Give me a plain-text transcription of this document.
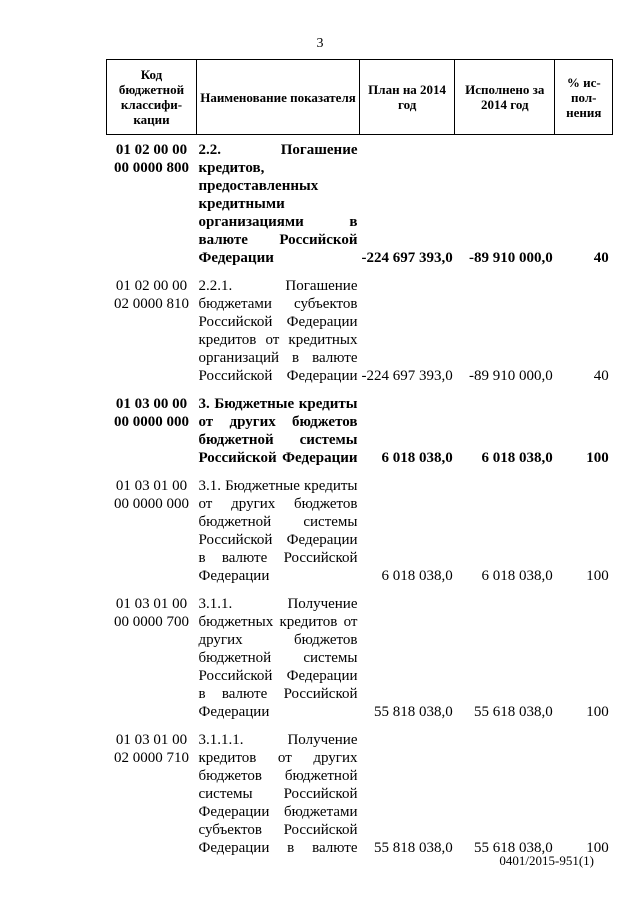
3
Код бюджетной классифи-кации	Наименование показателя	План на 2014 год	Исполнено за 2014 год	% ис-пол-нения
01 02 00 00 00 0000 800	2.2. Погашение кредитов, предоставленных кредитными организациями в валюте Российской Федерации	-224 697 393,0	-89 910 000,0	40
01 02 00 00 02 0000 810	2.2.1. Погашение бюджетами субъектов Российской Федерации кредитов от кредитных организаций в валюте Российской Федерации	-224 697 393,0	-89 910 000,0	40
01 03 00 00 00 0000 000	3. Бюджетные кредиты от других бюджетов бюджетной системы Российской Федерации	6 018 038,0	6 018 038,0	100
01 03 01 00 00 0000 000	3.1. Бюджетные кредиты от других бюджетов бюджетной системы Российской Федерации в валюте Российской Федерации	6 018 038,0	6 018 038,0	100
01 03 01 00 00 0000 700	3.1.1. Получение бюджетных кредитов от других бюджетов бюджетной системы Российской Федерации в валюте Российской Федерации	55 818 038,0	55 618 038,0	100
01 03 01 00 02 0000 710	3.1.1.1. Получение кредитов от других бюджетов бюджетной системы Российской Федерации бюджетами субъектов Российской Федерации в валюте	55 818 038,0	55 618 038,0	100
0401/2015-951(1)
